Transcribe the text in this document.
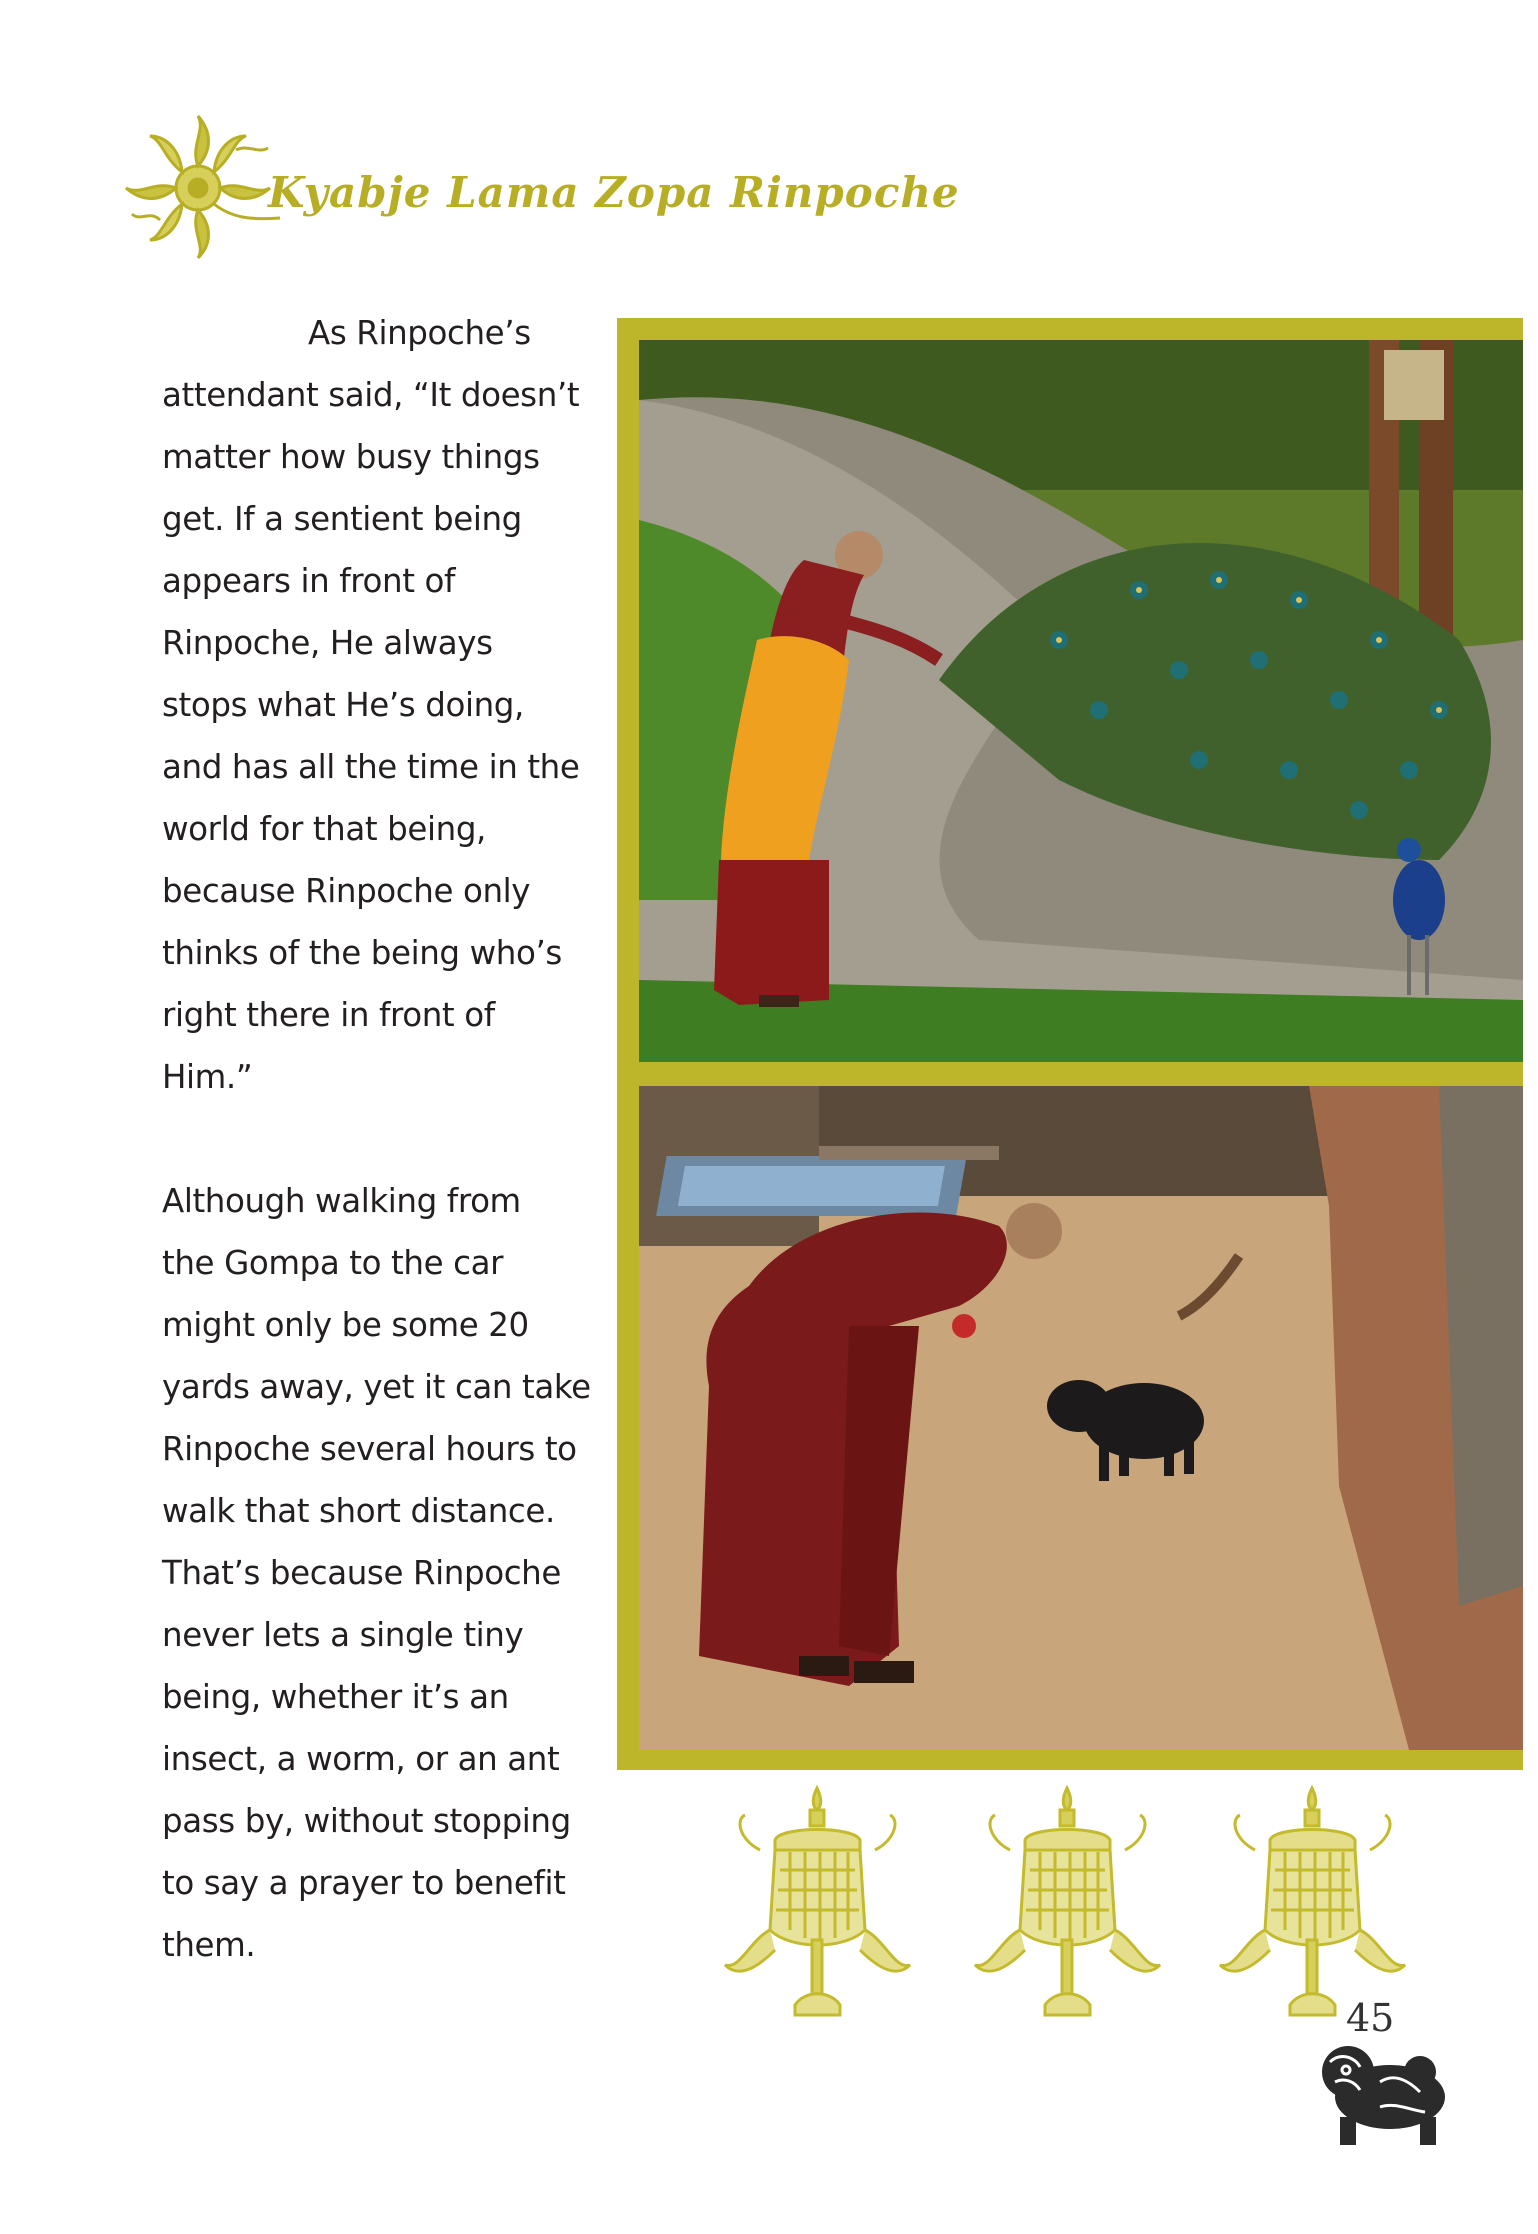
Kyabje Lama Zopa Rinpoche

As Rinpoche’s
attendant said, “It doesn’t
matter how busy things
get. If a sentient being
appears in front of
Rinpoche, He always
stops what He’s doing,
and has all the time in the
world for that being,
because Rinpoche only
thinks of the being who’s
right there in front of
Him.”

Although walking from
the Gompa to the car
might only be some 20
yards away, yet it can take
Rinpoche several hours to
walk that short distance.
That’s because Rinpoche
never lets a single tiny
being, whether it’s an
insect, a worm, or an ant
pass by, without stopping
to say a prayer to benefit
them.

45
